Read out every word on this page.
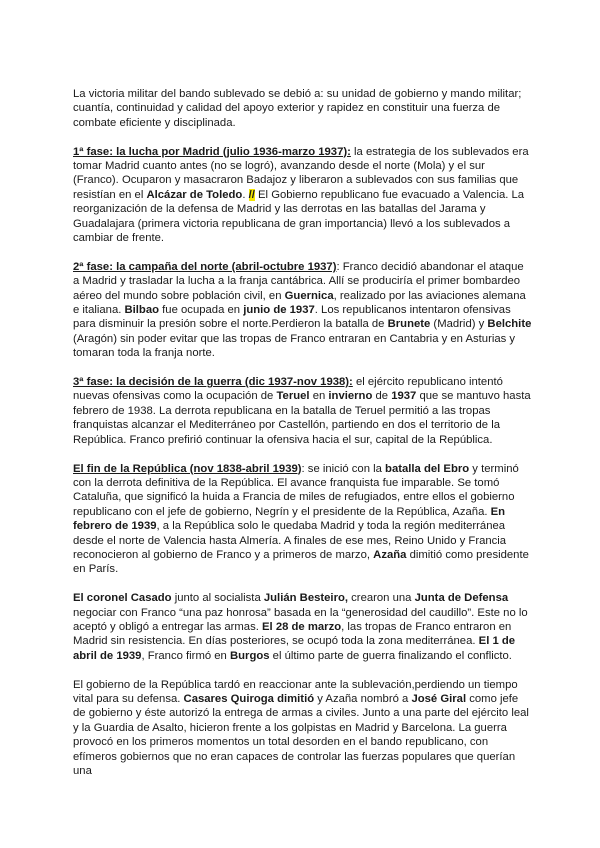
La victoria militar del bando sublevado se debió a: su unidad de gobierno y mando militar; cuantía, continuidad y calidad del apoyo exterior y rapidez en constituir una fuerza de combate eficiente y disciplinada.

1ª fase: la lucha por Madrid (julio 1936-marzo 1937): la estrategia de los sublevados era tomar Madrid cuanto antes (no se logró), avanzando desde el norte (Mola) y el sur (Franco). Ocuparon y masacraron Badajoz y liberaron a sublevados con sus familias que resistían en el Alcázar de Toledo. // El Gobierno republicano fue evacuado a Valencia. La reorganización de la defensa de Madrid y las derrotas en las batallas del Jarama y Guadalajara (primera victoria republicana de gran importancia) llevó a los sublevados a cambiar de frente.

2ª fase: la campaña del norte (abril-octubre 1937): Franco decidió abandonar el ataque a Madrid y trasladar la lucha a la franja cantábrica. Allí se produciría el primer bombardeo aéreo del mundo sobre población civil, en Guernica, realizado por las aviaciones alemana e italiana. Bilbao fue ocupada en junio de 1937. Los republicanos intentaron ofensivas para disminuir la presión sobre el norte.Perdieron la batalla de Brunete (Madrid) y Belchite (Aragón) sin poder evitar que las tropas de Franco entraran en Cantabria y en Asturias y tomaran toda la franja norte.

3ª fase: la decisión de la guerra (dic 1937-nov 1938): el ejército republicano intentó nuevas ofensivas como la ocupación de Teruel en invierno de 1937 que se mantuvo hasta febrero de 1938. La derrota republicana en la batalla de Teruel permitió a las tropas franquistas alcanzar el Mediterráneo por Castellón, partiendo en dos el territorio de la República. Franco prefirió continuar la ofensiva hacia el sur, capital de la República.

El fin de la República (nov 1838-abril 1939): se inició con la batalla del Ebro y terminó con la derrota definitiva de la República. El avance franquista fue imparable. Se tomó Cataluña, que significó la huida a Francia de miles de refugiados, entre ellos el gobierno republicano con el jefe de gobierno, Negrín y el presidente de la República, Azaña. En febrero de 1939, a la República solo le quedaba Madrid y toda la región mediterránea desde el norte de Valencia hasta Almería. A finales de ese mes, Reino Unido y Francia reconocieron al gobierno de Franco y a primeros de marzo, Azaña dimitió como presidente en París.

El coronel Casado junto al socialista Julián Besteiro, crearon una Junta de Defensa negociar con Franco “una paz honrosa” basada en la “generosidad del caudillo”. Este no lo aceptó y obligó a entregar las armas. El 28 de marzo, las tropas de Franco entraron en Madrid sin resistencia. En días posteriores, se ocupó toda la zona mediterránea. El 1 de abril de 1939, Franco firmó en Burgos el último parte de guerra finalizando el conflicto.

El gobierno de la República tardó en reaccionar ante la sublevación,perdiendo un tiempo vital para su defensa. Casares Quiroga dimitió y Azaña nombró a José Giral como jefe de gobierno y éste autorizó la entrega de armas a civiles. Junto a una parte del ejército leal y la Guardia de Asalto, hicieron frente a los golpistas en Madrid y Barcelona. La guerra provocó en los primeros momentos un total desorden en el bando republicano, con efímeros gobiernos que no eran capaces de controlar las fuerzas populares que querían una
